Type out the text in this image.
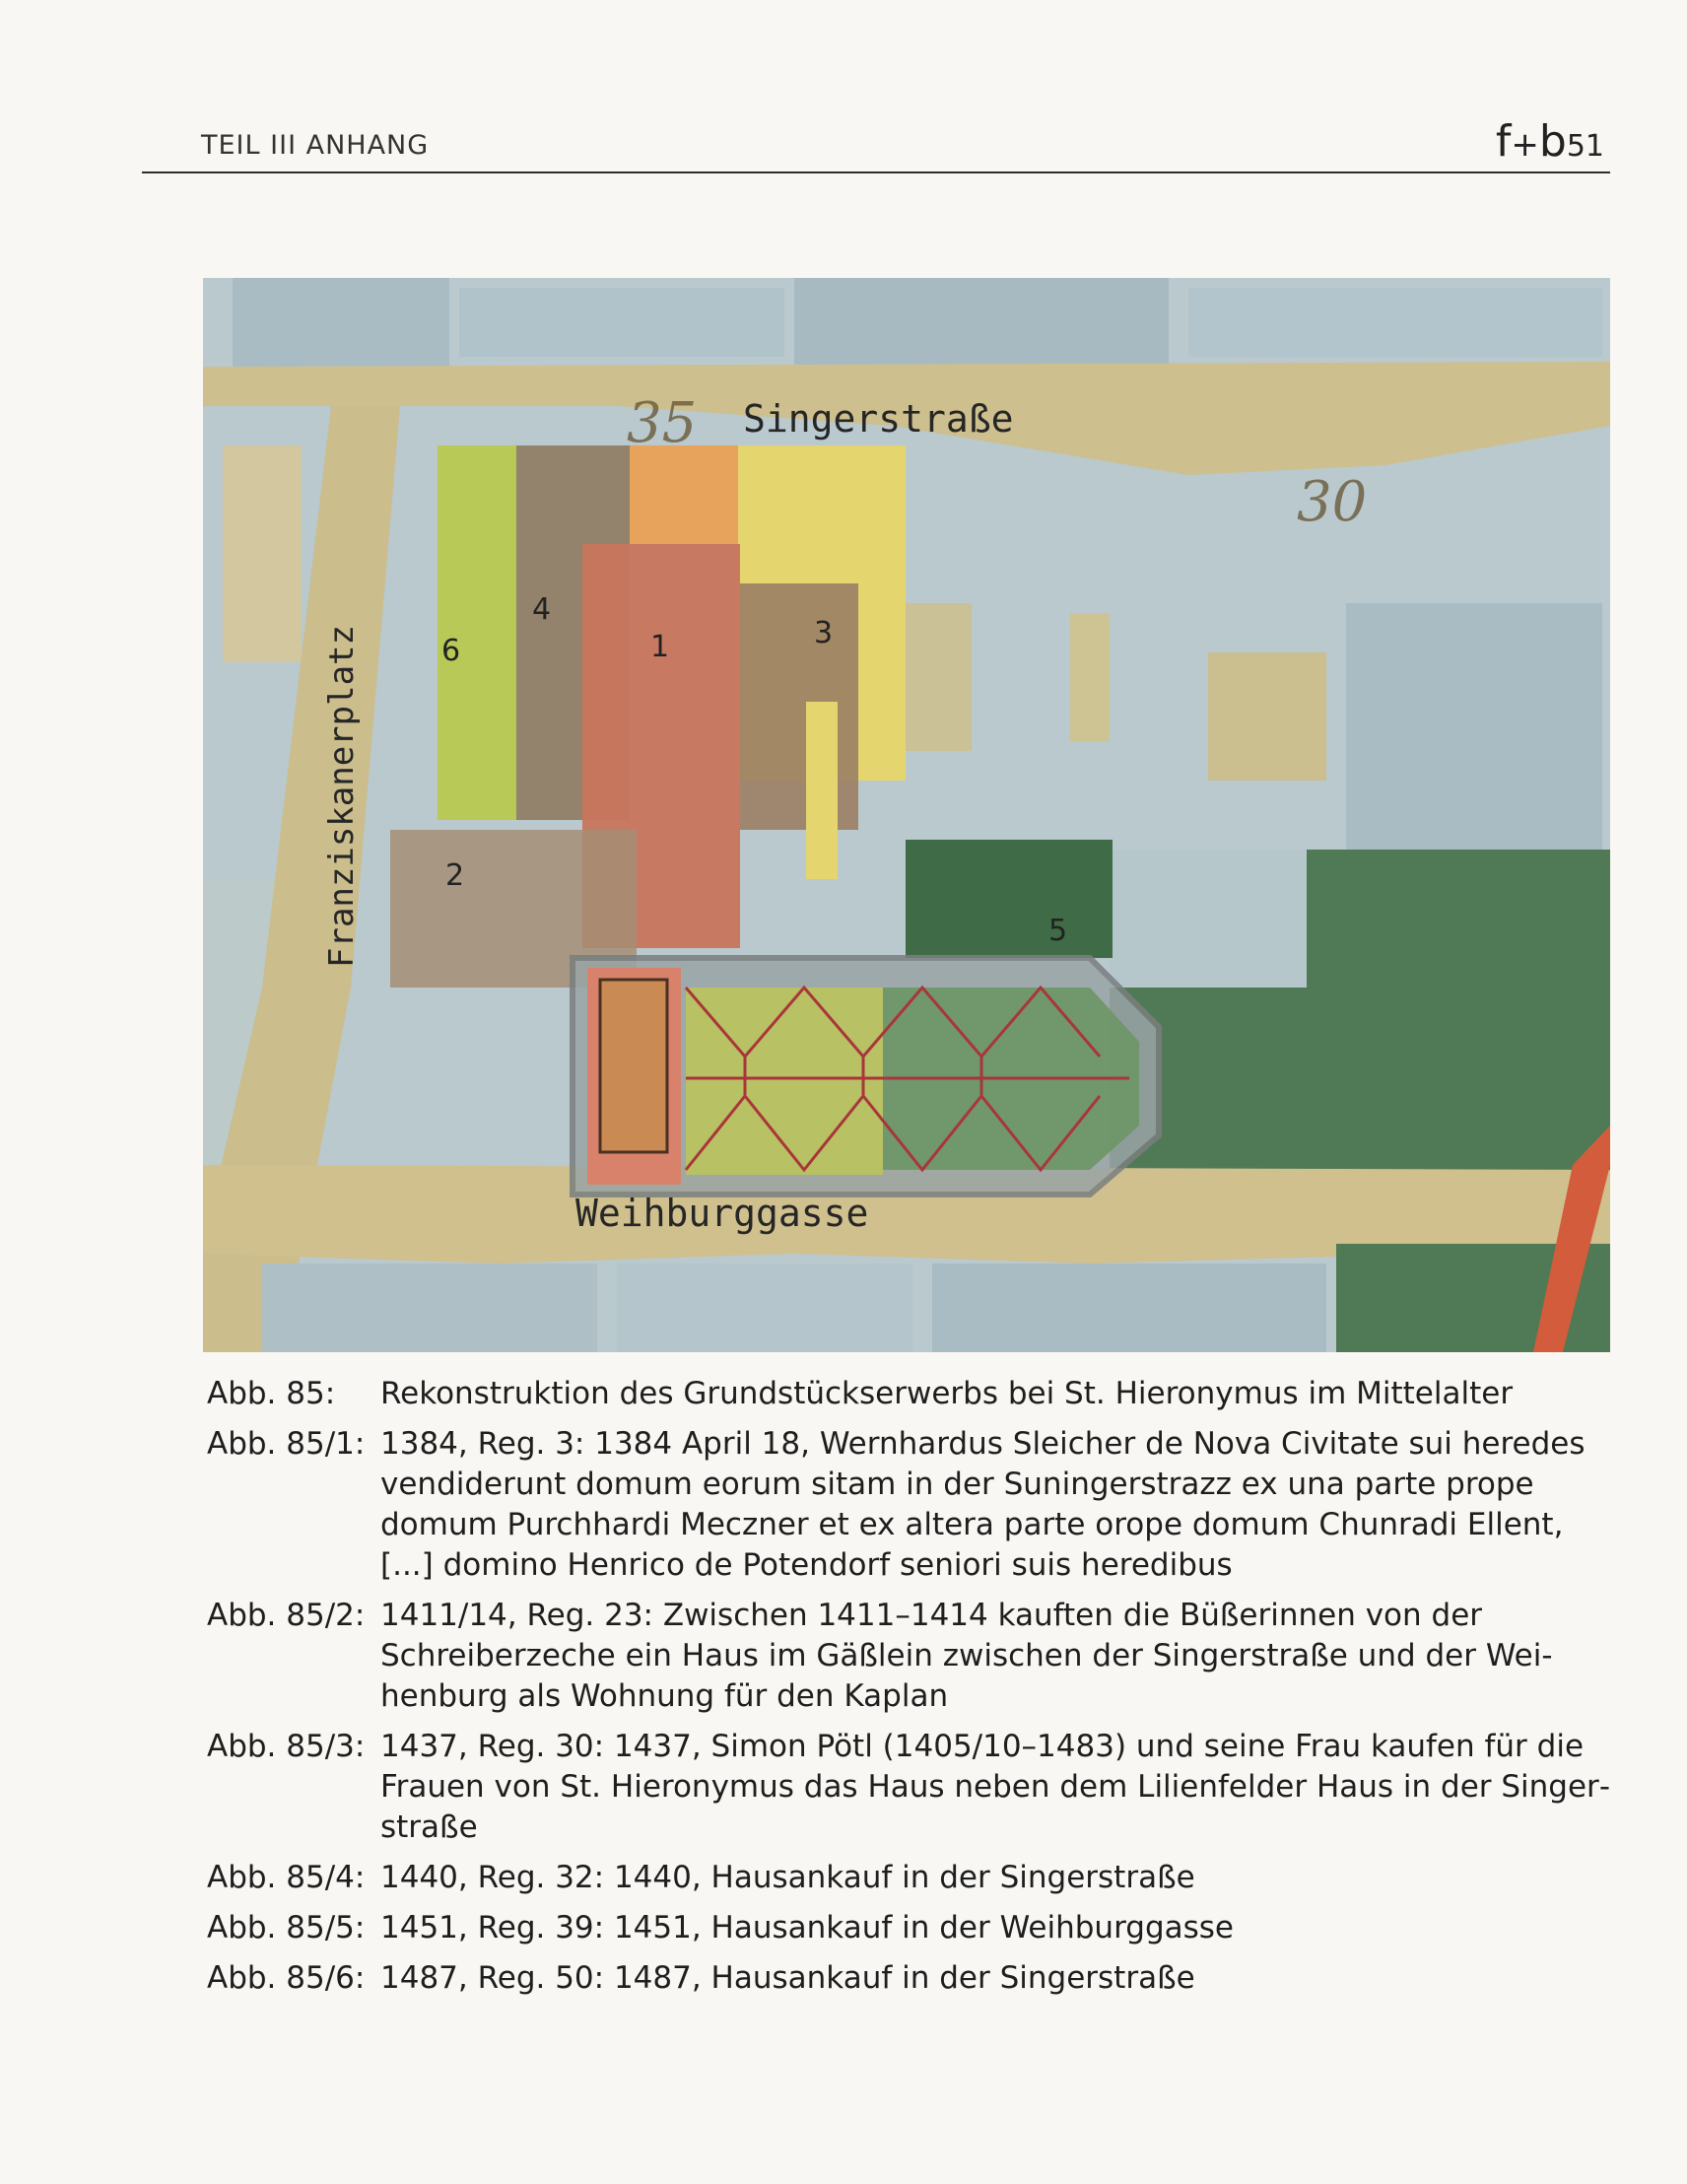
TEIL III ANHANG	f+b51
Singerstraße
Weihburggasse
Franziskanerplatz
35
30
1
2
3
4
5
6
Abb. 85: Rekonstruktion des Grundstückserwerbs bei St. Hieronymus im Mittelalter
Abb. 85/1: 1384, Reg. 3: 1384 April 18, Wernhardus Sleicher de Nova Civitate sui heredes vendiderunt domum eorum sitam in der Suningerstrazz ex una parte prope domum Purchhardi Meczner et ex altera parte orope domum Chunradi Ellent, [...] domino Henrico de Potendorf seniori suis heredibus
Abb. 85/2: 1411/14, Reg. 23: Zwischen 1411–1414 kauften die Büßerinnen von der Schreiberzeche ein Haus im Gäßlein zwischen der Singerstraße und der Weihenburg als Wohnung für den Kaplan
Abb. 85/3: 1437, Reg. 30: 1437, Simon Pötl (1405/10–1483) und seine Frau kaufen für die Frauen von St. Hieronymus das Haus neben dem Lilienfelder Haus in der Singerstraße
Abb. 85/4: 1440, Reg. 32: 1440, Hausankauf in der Singerstraße
Abb. 85/5: 1451, Reg. 39: 1451, Hausankauf in der Weihburggasse
Abb. 85/6: 1487, Reg. 50: 1487, Hausankauf in der Singerstraße
